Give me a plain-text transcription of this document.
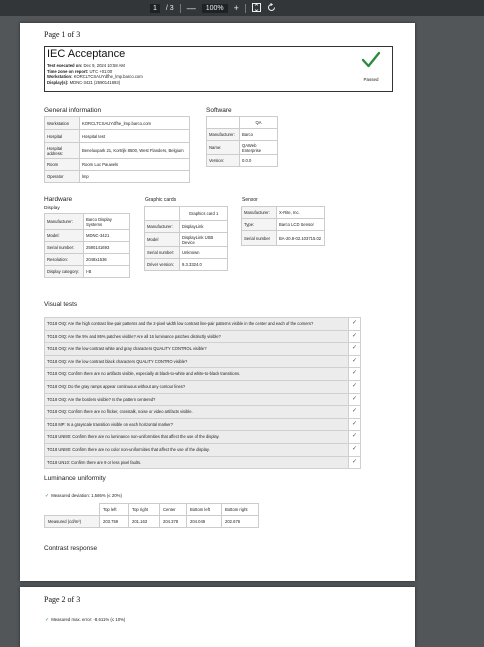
1	/ 3 —	100%	+
Page 1 of 3
IEC Acceptance
Test executed on: Dec 9, 2024 10:58 AM
Time zone on report: UTC +01:00
Workstation: KORCLTCSAUYdfhe_lmp.barco.com
Display(s): MDNC-3421 (2590141693)
Passed
General information
Workstation	KORCLTCSAUYdfhe_lmp.barco.com
Hospital	Hospital test
Hospital address:	Beneluxpark 21, Kortrijk 8500, West Flanders, Belgium
Room	Room Luc Pauwels
Operator	lmp
Software
	QA
Manufacturer:	Barco
Name:	QAWeb Enterprise
Version:	0.0.0
Hardware
Display
Manufacturer:	Barco Display Systems
Model:	MDNC-3421
Serial number:	2590141693
Resolution:	2048x1536
Display category:	I-B
Graphic cards
	Graphics card 1
Manufacturer:	DisplayLink
Model	DisplayLink USB Device
Serial number:	Unknown
Driver version:	9.3.3324.0
Sensor
Manufacturer:	X-Rite, Inc.
Type:	Barco LCD Sensor
Serial number	BA-20.8-02.103715.02
Visual tests
TG18 OIQ: Are the high contrast line-pair patterns and the 2-pixel width low contrast line-pair patterns visible in the center and each of the corners?	✓
TG18 OIQ: Are the 5% and 95% patches visible? Are all 16 luminance patches distinctly visible?	✓
TG18 OIQ: Are the low contrast white and gray characters QUALITY CONTROL visible?	✓
TG18 OIQ: Are the low contrast black characters QUALITY CONTRO visible?	✓
TG18 OIQ: Confirm there are no artifacts visible, especially at black-to-white and white-to-black transitions.	✓
TG18 OIQ: Do the gray ramps appear continuous without any contour lines?	✓
TG18 OIQ: Are the borders visible? Is the pattern centered?	✓
TG18 OIQ: Confirm there are no flicker, crosstalk, noise or video artifacts visible.	✓
TG18 MP: Is a grayscale transition visible on each horizontal marker?	✓
TG18 UNI80: Confirm there are no luminance non-uniformities that affect the use of the display.	✓
TG18 UNI80: Confirm there are no color non-uniformities that affect the use of the display.	✓
TG18 UN10: Confirm there are 9 or less pixel faults.	✓
Luminance uniformity
✓ Measured deviation: 1.586% (≤ 20%)
	Top left	Top right	Center	Bottom left	Bottom right
Measured (cd/m²)	203.759	201.163	204.378	204.049	202.676
Contrast response
Page 2 of 3
✓ Measured max. error: -8.611% (≤ 10%)
